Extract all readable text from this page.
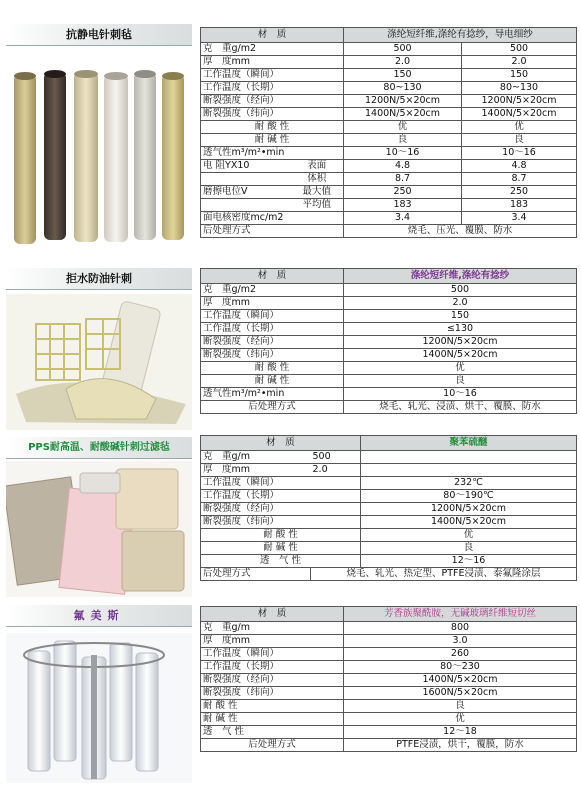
抗静电针刺毡	材　质		涤纶短纤维,涤纶有捻纱，导电细纱	
克　重g/m2		500	500
厚　度mm		2.0	2.0
工作温度（瞬间）		150	150
工作温度（长期）		80~130	80~130
断裂强度（经向）		1200N/5×20cm	1200N/5×20cm
断裂强度（纬向）		1400N/5×20cm	1400N/5×20cm
耐 酸 性		优	优
耐 碱 性		良	良
透气性m³/m²•min		10～16	10～16
电 阻YX10	表面	4.8	4.8
	体积	8.7	8.7
磨擦电位V	最大值	250	250
	平均值	183	183
面电核密度mc/m2		3.4	3.4
后处理方式		烧毛、压光、覆膜、防水	
拒水防油针刺	材　质	涤纶短纤维,涤纶有捻纱
克　重g/m2	500
厚　度mm	2.0
工作温度（瞬间）	150
工作温度（长期）	≤130
断裂强度（经向）	1200N/5×20cm
断裂强度（纬向）	1400N/5×20cm
耐 酸 性	优
耐 碱 性	良
透气性m³/m²•min	10～16
后处理方式	烧毛、轧光、浸渍、烘干、覆膜、防水
PPS耐高温、耐酸碱针刺过滤毡	材　质		聚苯硫醚
克　重g/m	500	
厚　度mm	2.0	
工作温度（瞬间）		232℃
工作温度（长期）		80～190℃
断裂强度（经向）		1200N/5×20cm
断裂强度（纬向）		1400N/5×20cm
耐 酸 性		优
耐 碱 性		良
透　气 性		12～16
后处理方式	烧毛、轧光、热定型、PTFE浸渍、泰氟隆涂层	
氟美斯	材　质	芳香族聚酰胺，无碱玻璃纤维短切丝
克　重g/m	800
厚　度mm	3.0
工作温度（瞬间）	260
工作温度（长期）	80～230
断裂强度（经向）	1400N/5×20cm
断裂强度（纬向）	1600N/5×20cm
耐 酸 性	良
耐 碱 性	优
透　气 性	12～18
后处理方式	PTFE浸渍，烘干，覆膜，防水
